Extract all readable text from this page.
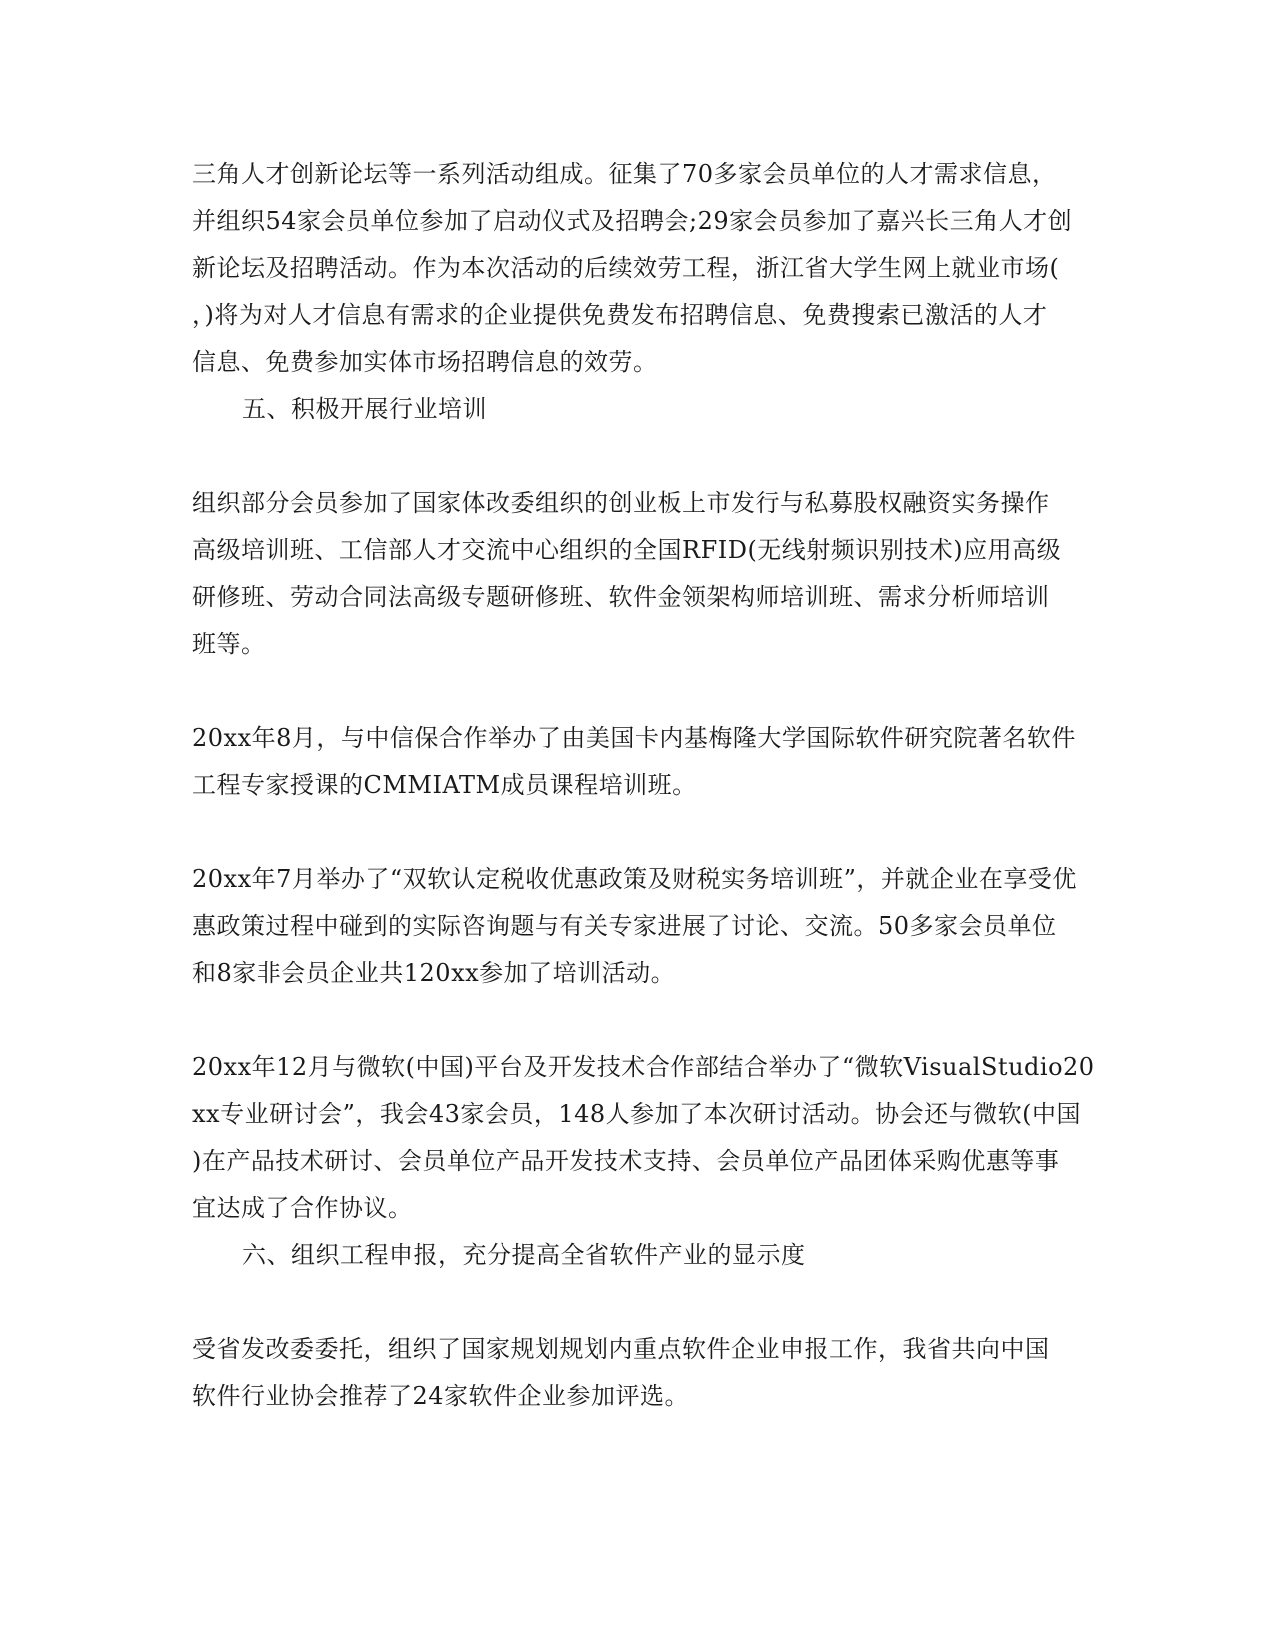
三角人才创新论坛等一系列活动组成。征集了70多家会员单位的人才需求信息，
并组织54家会员单位参加了启动仪式及招聘会;29家会员参加了嘉兴长三角人才创
新论坛及招聘活动。作为本次活动的后续效劳工程，浙江省大学生网上就业市场(
，)将为对人才信息有需求的企业提供免费发布招聘信息、免费搜索已激活的人才
信息、免费参加实体市场招聘信息的效劳。
五、积极开展行业培训
组织部分会员参加了国家体改委组织的创业板上市发行与私募股权融资实务操作
高级培训班、工信部人才交流中心组织的全国RFID(无线射频识别技术)应用高级
研修班、劳动合同法高级专题研修班、软件金领架构师培训班、需求分析师培训
班等。
20xx年8月，与中信保合作举办了由美国卡内基梅隆大学国际软件研究院著名软件
工程专家授课的CMMIATM成员课程培训班。
20xx年7月举办了“双软认定税收优惠政策及财税实务培训班”，并就企业在享受优
惠政策过程中碰到的实际咨询题与有关专家进展了讨论、交流。50多家会员单位
和8家非会员企业共120xx参加了培训活动。
20xx年12月与微软(中国)平台及开发技术合作部结合举办了“微软VisualStudio20
xx专业研讨会”，我会43家会员，148人参加了本次研讨活动。协会还与微软(中国
)在产品技术研讨、会员单位产品开发技术支持、会员单位产品团体采购优惠等事
宜达成了合作协议。
六、组织工程申报，充分提高全省软件产业的显示度
受省发改委委托，组织了国家规划规划内重点软件企业申报工作，我省共向中国
软件行业协会推荐了24家软件企业参加评选。
